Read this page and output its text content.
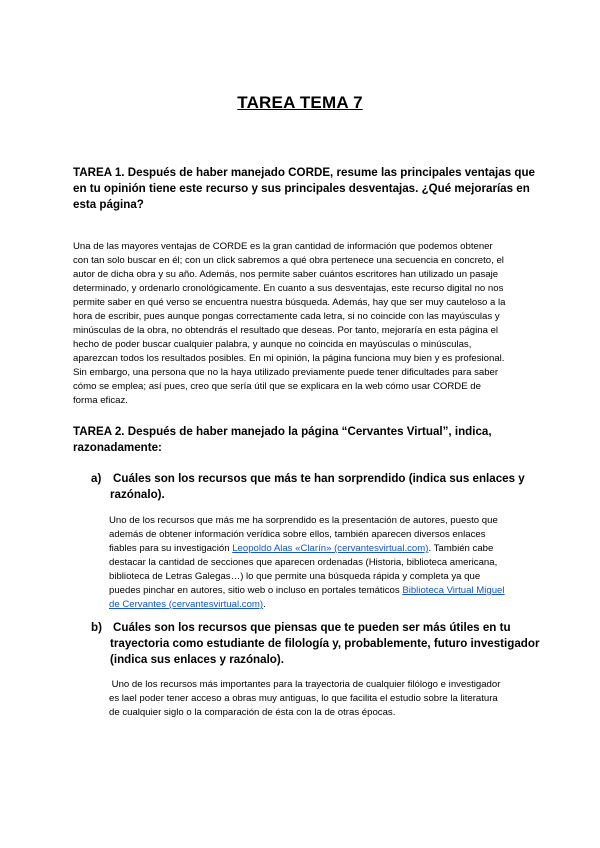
TAREA TEMA 7
TAREA 1. Después de haber manejado CORDE, resume las principales ventajas que
en tu opinión tiene este recurso y sus principales desventajas. ¿Qué mejorarías en
esta página?
Una de las mayores ventajas de CORDE es la gran cantidad de información que podemos obtener
con tan solo buscar en él; con un click sabremos a qué obra pertenece una secuencia en concreto, el
autor de dicha obra y su año. Además, nos permite saber cuántos escritores han utilizado un pasaje
determinado, y ordenarlo cronológicamente. En cuanto a sus desventajas, este recurso digital no nos
permite saber en qué verso se encuentra nuestra búsqueda. Además, hay que ser muy cauteloso a la
hora de escribir, pues aunque pongas correctamente cada letra, si no coincide con las mayúsculas y
minúsculas de la obra, no obtendrás el resultado que deseas. Por tanto, mejoraría en esta página el
hecho de poder buscar cualquier palabra, y aunque no coincida en mayúsculas o minúsculas,
aparezcan todos los resultados posibles. En mi opinión, la página funciona muy bien y es profesional.
Sin embargo, una persona que no la haya utilizado previamente puede tener dificultades para saber
cómo se emplea; así pues, creo que sería útil que se explicara en la web cómo usar CORDE de
forma eficaz.
TAREA 2. Después de haber manejado la página “Cervantes Virtual”, indica,
razonadamente:
a) Cuáles son los recursos que más te han sorprendido (indica sus enlaces y
razónalo).
Uno de los recursos que más me ha sorprendido es la presentación de autores, puesto que
además de obtener información verídica sobre ellos, también aparecen diversos enlaces
fiables para su investigación Leopoldo Alas «Clarín» (cervantesvirtual.com). También cabe
destacar la cantidad de secciones que aparecen ordenadas (Historia, biblioteca americana,
biblioteca de Letras Galegas…) lo que permite una búsqueda rápida y completa ya que
puedes pinchar en autores, sitio web o incluso en portales temáticos Biblioteca Virtual Miguel
de Cervantes (cervantesvirtual.com).
b) Cuáles son los recursos que piensas que te pueden ser más útiles en tu
trayectoria como estudiante de filología y, probablemente, futuro investigador
(indica sus enlaces y razónalo).
Uno de los recursos más importantes para la trayectoria de cualquier filólogo e investigador
es lael poder tener acceso a obras muy antiguas, lo que facilita el estudio sobre la literatura
de cualquier siglo o la comparación de ésta con la de otras épocas.
